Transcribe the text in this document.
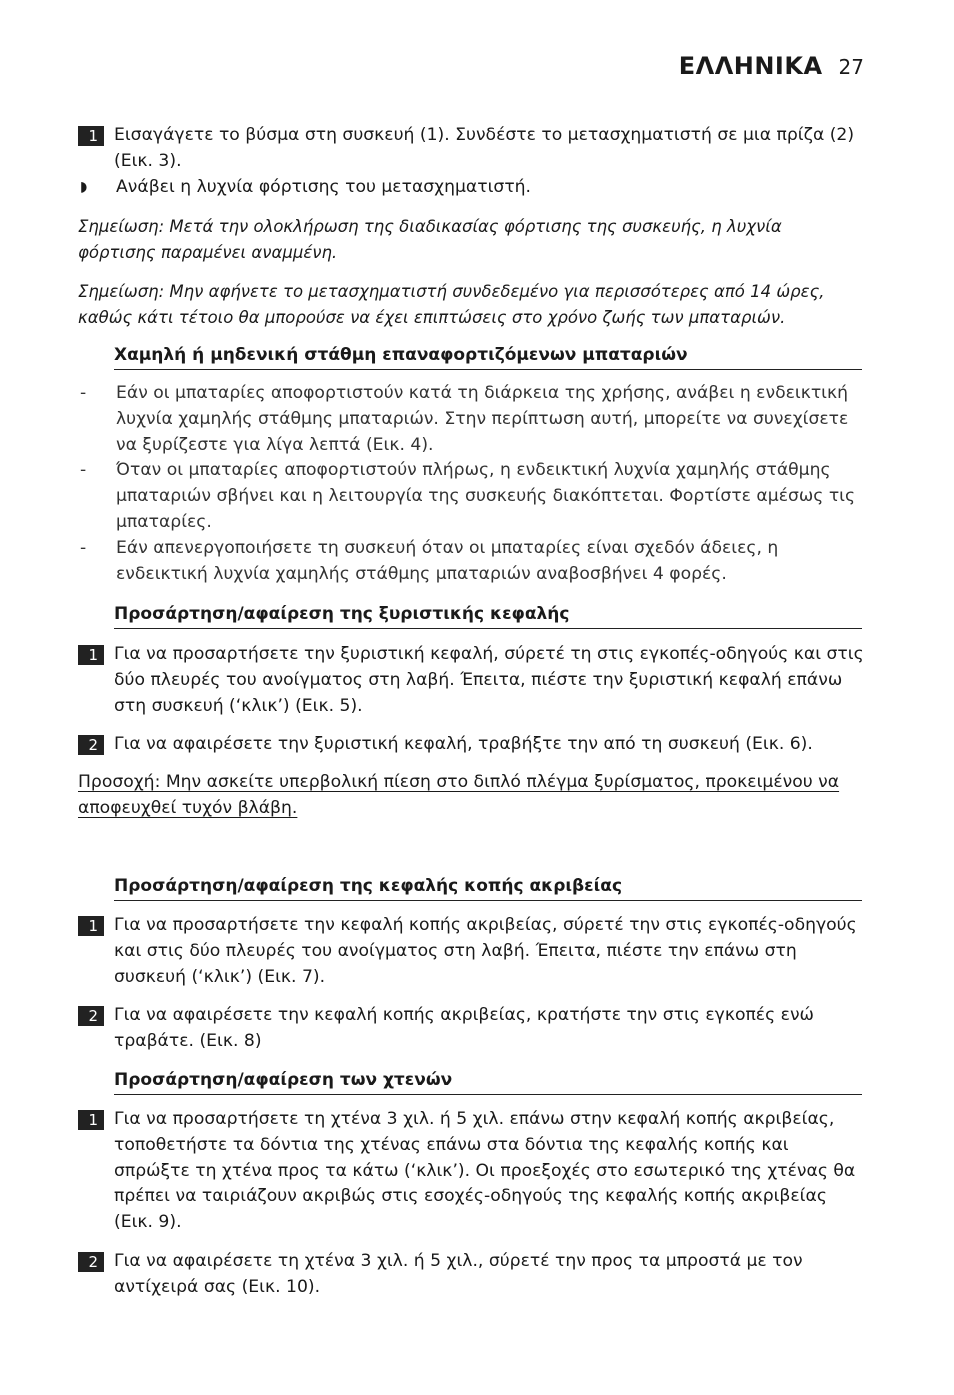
ΕΛΛΗΝΙΚΑ 27
1 Εισαγάγετε το βύσμα στη συσκευή (1). Συνδέστε το μετασχηματιστή σε μια πρίζα (2) (Εικ. 3).
◗	Ανάβει η λυχνία φόρτισης του μετασχηματιστή.
Σημείωση: Μετά την ολοκλήρωση της διαδικασίας φόρτισης της συσκευής, η λυχνία φόρτισης παραμένει αναμμένη.
Σημείωση: Μην αφήνετε το μετασχηματιστή συνδεδεμένο για περισσότερες από 14 ώρες, καθώς κάτι τέτοιο θα μπορούσε να έχει επιπτώσεις στο χρόνο ζωής των μπαταριών.
Χαμηλή ή μηδενική στάθμη επαναφορτιζόμενων μπαταριών
-	Εάν οι μπαταρίες αποφορτιστούν κατά τη διάρκεια της χρήσης, ανάβει η ενδεικτική λυχνία χαμηλής στάθμης μπαταριών. Στην περίπτωση αυτή, μπορείτε να συνεχίσετε να ξυρίζεστε για λίγα λεπτά (Εικ. 4).
-	Όταν οι μπαταρίες αποφορτιστούν πλήρως, η ενδεικτική λυχνία χαμηλής στάθμης μπαταριών σβήνει και η λειτουργία της συσκευής διακόπτεται. Φορτίστε αμέσως τις μπαταρίες.
-	Εάν απενεργοποιήσετε τη συσκευή όταν οι μπαταρίες είναι σχεδόν άδειες, η ενδεικτική λυχνία χαμηλής στάθμης μπαταριών αναβοσβήνει 4 φορές.
Προσάρτηση/αφαίρεση της ξυριστικής κεφαλής
1 Για να προσαρτήσετε την ξυριστική κεφαλή, σύρετέ τη στις εγκοπές-οδηγούς και στις δύο πλευρές του ανοίγματος στη λαβή. Έπειτα, πιέστε την ξυριστική κεφαλή επάνω στη συσκευή (‘κλικ’) (Εικ. 5).
2 Για να αφαιρέσετε την ξυριστική κεφαλή, τραβήξτε την από τη συσκευή (Εικ. 6).
Προσοχή: Μην ασκείτε υπερβολική πίεση στο διπλό πλέγμα ξυρίσματος, προκειμένου να αποφευχθεί τυχόν βλάβη.
Προσάρτηση/αφαίρεση της κεφαλής κοπής ακριβείας
1 Για να προσαρτήσετε την κεφαλή κοπής ακριβείας, σύρετέ την στις εγκοπές-οδηγούς και στις δύο πλευρές του ανοίγματος στη λαβή. Έπειτα, πιέστε την επάνω στη συσκευή (‘κλικ’) (Εικ. 7).
2 Για να αφαιρέσετε την κεφαλή κοπής ακριβείας, κρατήστε την στις εγκοπές ενώ τραβάτε. (Εικ. 8)
Προσάρτηση/αφαίρεση των χτενών
1 Για να προσαρτήσετε τη χτένα 3 χιλ. ή 5 χιλ. επάνω στην κεφαλή κοπής ακριβείας, τοποθετήστε τα δόντια της χτένας επάνω στα δόντια της κεφαλής κοπής και σπρώξτε τη χτένα προς τα κάτω (‘κλικ’). Οι προεξοχές στο εσωτερικό της χτένας θα πρέπει να ταιριάζουν ακριβώς στις εσοχές-οδηγούς της κεφαλής κοπής ακριβείας (Εικ. 9).
2 Για να αφαιρέσετε τη χτένα 3 χιλ. ή 5 χιλ., σύρετέ την προς τα μπροστά με τον αντίχειρά σας (Εικ. 10).
